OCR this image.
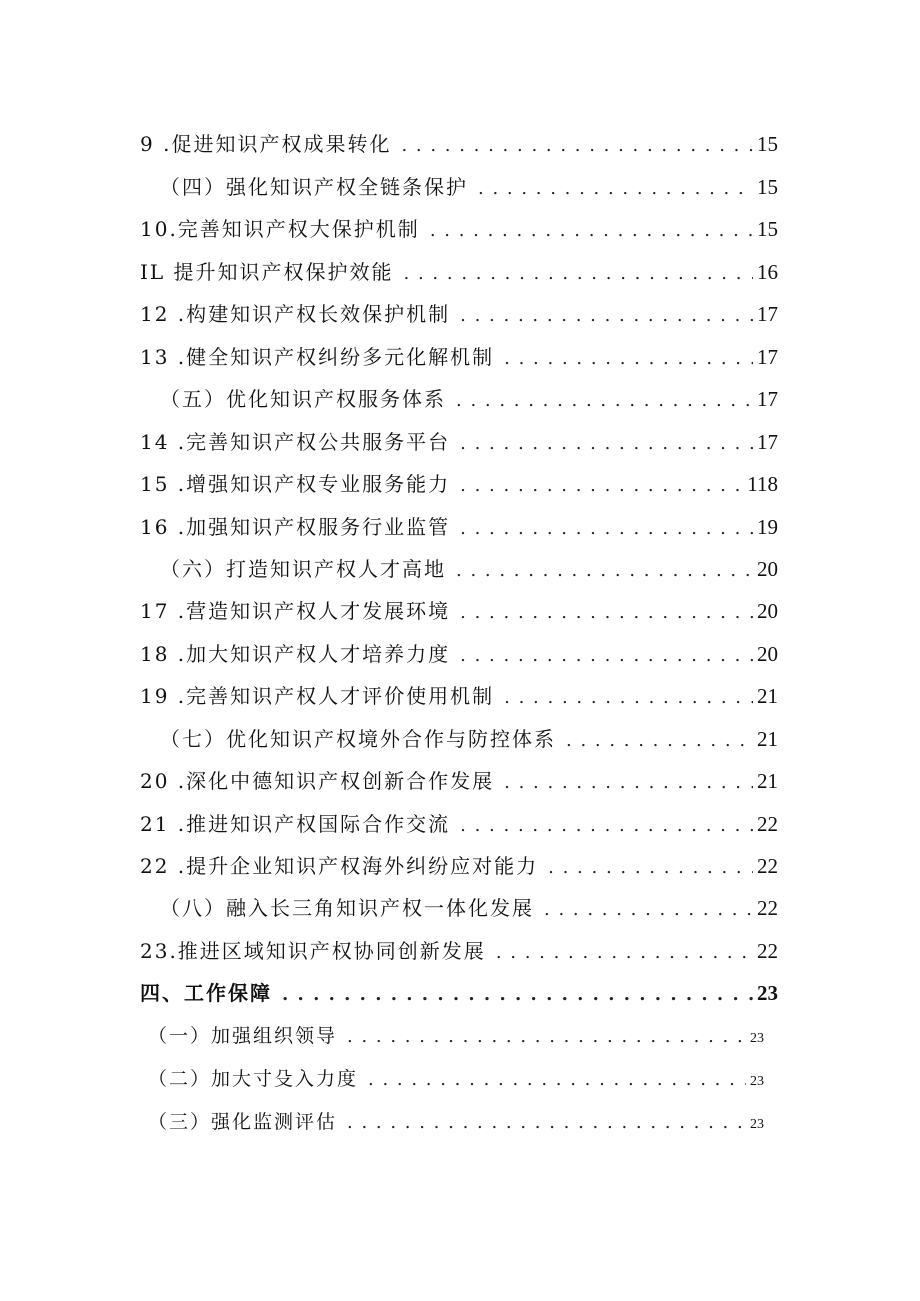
9 .促进知识产权成果转化 . . .	15
（四）强化知识产权全链条保护 . . .	15
10.完善知识产权大保护机制 . . .	15
IL 提升知识产权保护效能 . . .	16
12 .构建知识产权长效保护机制 . . .	17
13 .健全知识产权纠纷多元化解机制 . . .	17
（五）优化知识产权服务体系 . . .	17
14 .完善知识产权公共服务平台 . . .	17
15 .增强知识产权专业服务能力 . . .	118
16 .加强知识产权服务行业监管 . . .	19
（六）打造知识产权人才高地 . . .	20
17 .营造知识产权人才发展环境 . . .	20
18 .加大知识产权人才培养力度 . . .	20
19 .完善知识产权人才评价使用机制 . . .	21
（七）优化知识产权境外合作与防控体系 . . .	21
20 .深化中德知识产权创新合作发展 . . .	21
21 .推进知识产权国际合作交流 . . .	22
22 .提升企业知识产权海外纠纷应对能力 . . .	22
（八）融入长三角知识产权一体化发展 . . .	22
23.推进区域知识产权协同创新发展 . . .	22
四、工作保障 . . .	23
（一）加强组织领导 . . .	23
（二）加大寸殳入力度 . . .	23
（三）强化监测评估 . . .	23
